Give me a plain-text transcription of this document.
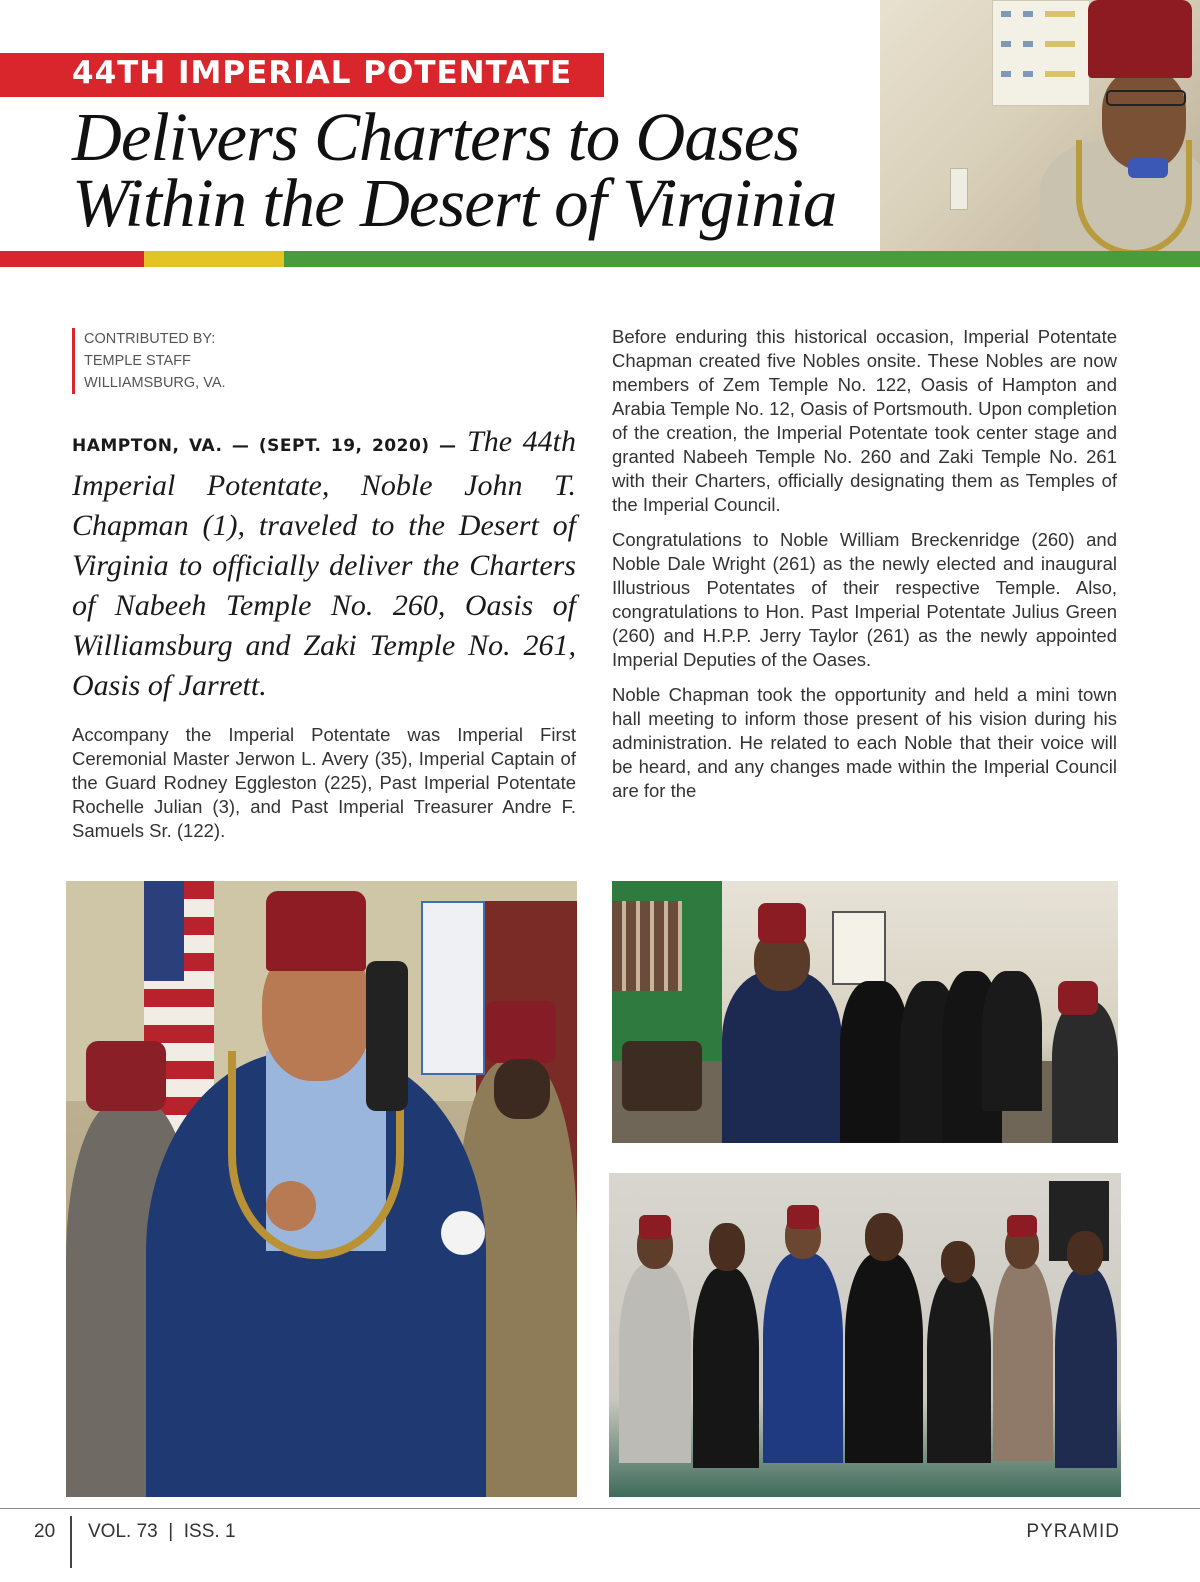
44TH IMPERIAL POTENTATE
Delivers Charters to Oases
Within the Desert of Virginia
CONTRIBUTED BY:
TEMPLE STAFF
WILLIAMSBURG, VA.

HAMPTON, VA. — (SEPT. 19, 2020) — The 44th Imperial Potentate, Noble John T. Chapman (1), traveled to the Desert of Virginia to officially deliver the Charters of Nabeeh Temple No. 260, Oasis of Williamsburg and Zaki Temple No. 261, Oasis of Jarrett.

Accompany the Imperial Potentate was Imperial First Ceremonial Master Jerwon L. Avery (35), Imperial Captain of the Guard Rodney Eggleston (225), Past Imperial Potentate Rochelle Julian (3), and Past Imperial Treasurer Andre F. Samuels Sr. (122).

Before enduring this historical occasion, Imperial Potentate Chapman created five Nobles onsite. These Nobles are now members of Zem Temple No. 122, Oasis of Hampton and Arabia Temple No. 12, Oasis of Portsmouth. Upon completion of the creation, the Imperial Potentate took center stage and granted Nabeeh Temple No. 260 and Zaki Temple No. 261 with their Charters, officially designating them as Temples of the Imperial Council.

Congratulations to Noble William Breckenridge (260) and Noble Dale Wright (261) as the newly elected and inaugural Illustrious Potentates of their respective Temple. Also, congratulations to Hon. Past Imperial Potentate Julius Green (260) and H.P.P. Jerry Taylor (261) as the newly appointed Imperial Deputies of the Oases.

Noble Chapman took the opportunity and held a mini town hall meeting to inform those present of his vision during his administration. He related to each Noble that their voice will be heard, and any changes made within the Imperial Council are for the

20 VOL. 73  |  ISS. 1	PYRAMID
